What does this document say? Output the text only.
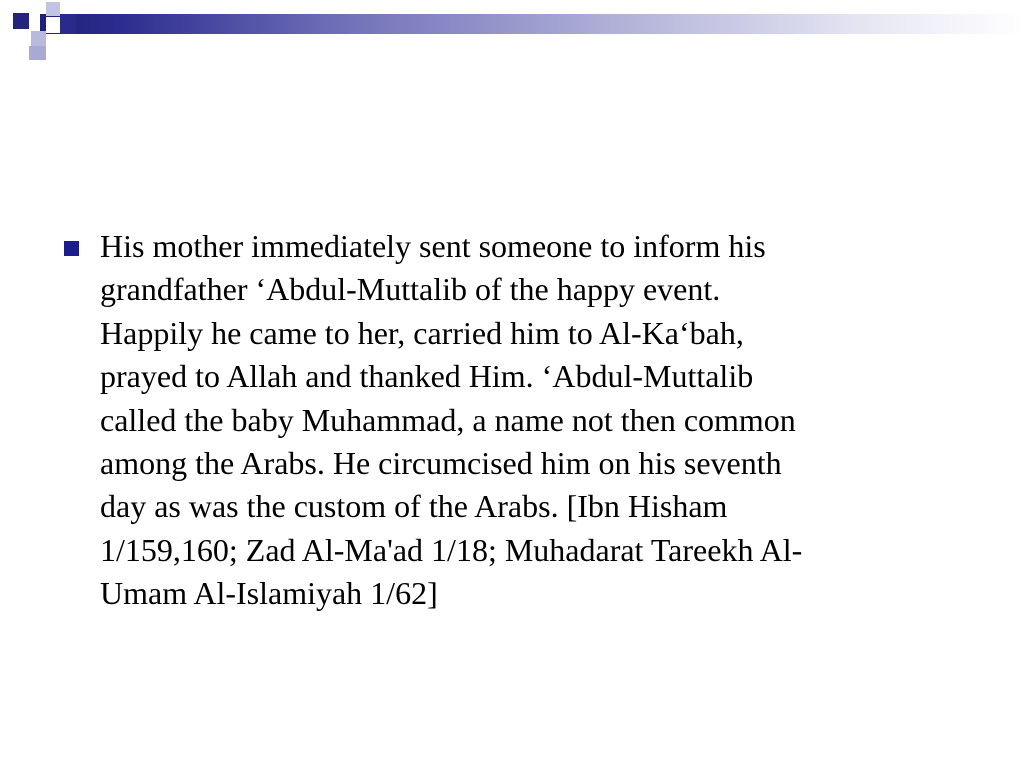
His mother immediately sent someone to inform his
grandfather ‘Abdul-Muttalib of the happy event.
Happily he came to her, carried him to Al-Ka‘bah,
prayed to Allah and thanked Him. ‘Abdul-Muttalib
called the baby Muhammad, a name not then common
among the Arabs. He circumcised him on his seventh
day as was the custom of the Arabs. [Ibn Hisham
1/159,160; Zad Al-Ma'ad 1/18; Muhadarat Tareekh Al-
Umam Al-Islamiyah 1/62]
